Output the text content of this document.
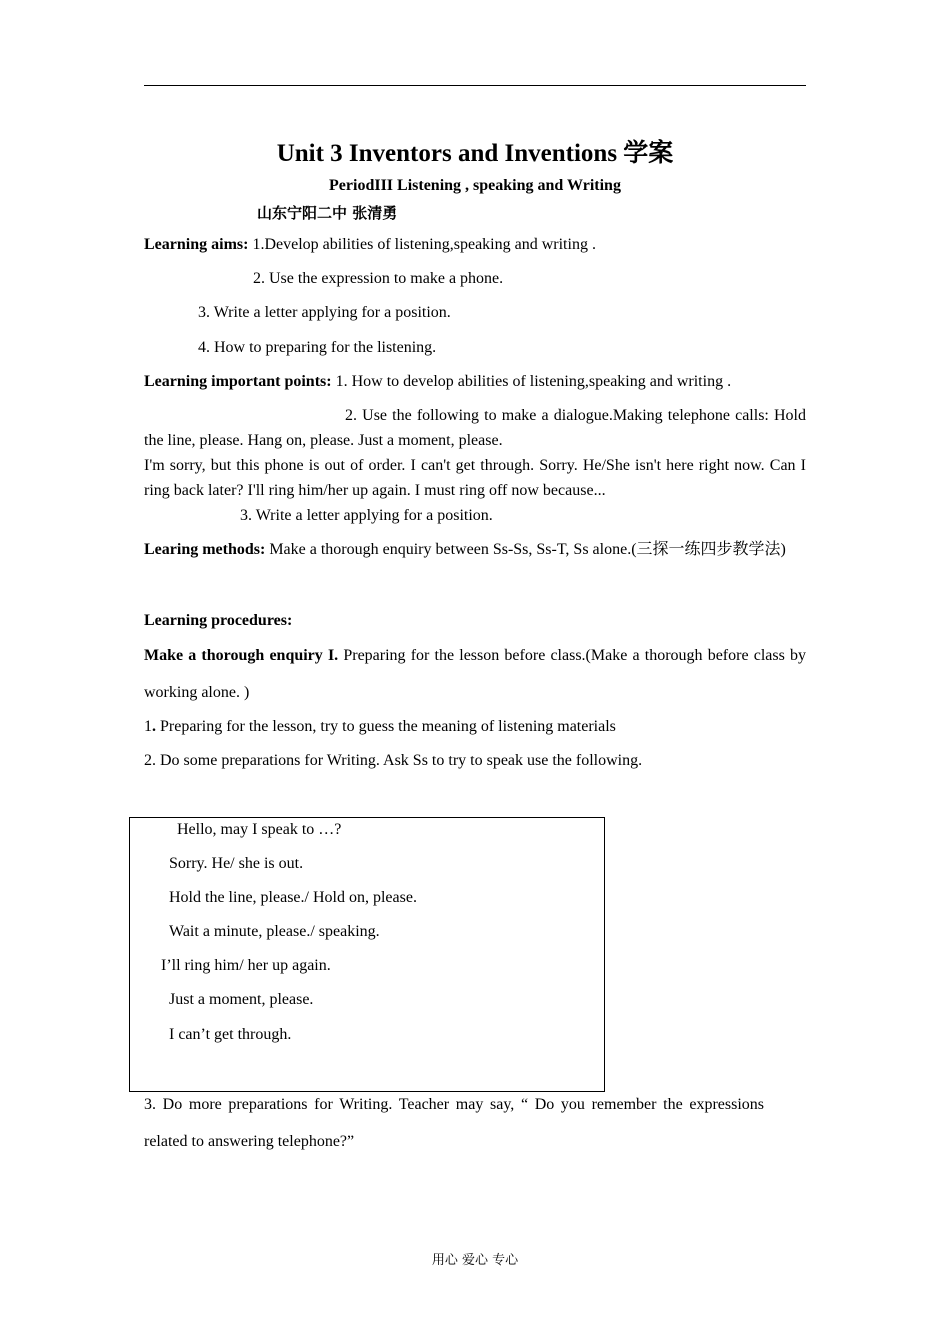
Unit 3 Inventors and Inventions 学案
PeriodIII Listening , speaking and Writing
山东宁阳二中 张清勇
Learning aims: 1.Develop abilities of listening,speaking and writing .
2. Use the expression to make a phone.
3. Write a letter applying for a position.
4. How to preparing for the listening.
Learning important points: 1. How to develop abilities of listening,speaking and writing .
2. Use the following to make a dialogue.Making telephone calls: Hold the line, please. Hang on, please. Just a moment, please.
I'm sorry, but this phone is out of order. I can't get through. Sorry. He/She isn't here right now. Can I ring back later? I'll ring him/her up again. I must ring off now because...
3. Write a letter applying for a position.
Learing methods: Make a thorough enquiry between Ss-Ss, Ss-T, Ss alone.(三探一练四步教学法)
Learning procedures:
Make a thorough enquiry I. Preparing for the lesson before class.(Make a thorough before class by working alone. )
1. Preparing for the lesson, try to guess the meaning of listening materials
2. Do some preparations for Writing. Ask Ss to try to speak use the following.
Hello, may I speak to …?
Sorry. He/ she is out.
Hold the line, please./ Hold on, please.
Wait a minute, please./ speaking.
I’ll ring him/ her up again.
Just a moment, please.
I can’t get through.
3. Do more preparations for Writing. Teacher may say, “ Do you remember the expressions related to answering telephone?”
用心 爱心 专心
